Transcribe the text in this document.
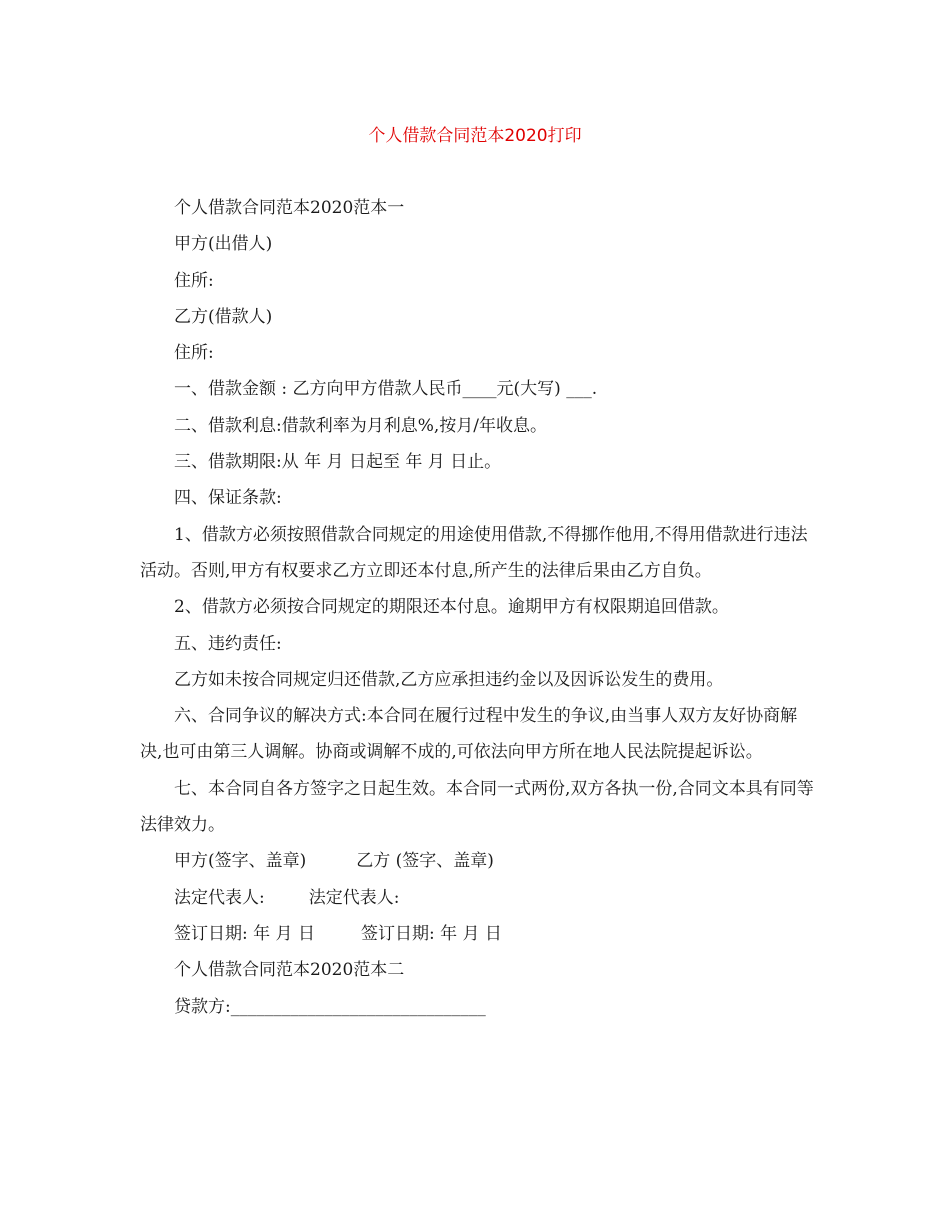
个人借款合同范本2020打印

个人借款合同范本2020范本一

甲方(出借人)

住所:

乙方(借款人)

住所:

一、借款金额 : 乙方向甲方借款人民币____元(大写) ___.

二、借款利息:借款利率为月利息%,按月/年收息。

三、借款期限:从 年 月 日起至 年 月 日止。

四、保证条款:

1、借款方必须按照借款合同规定的用途使用借款,不得挪作他用,不得用借款进行违法活动。否则,甲方有权要求乙方立即还本付息,所产生的法律后果由乙方自负。

2、借款方必须按合同规定的期限还本付息。逾期甲方有权限期追回借款。

五、违约责任:

乙方如未按合同规定归还借款,乙方应承担违约金以及因诉讼发生的费用。

六、合同争议的解决方式:本合同在履行过程中发生的争议,由当事人双方友好协商解决,也可由第三人调解。协商或调解不成的,可依法向甲方所在地人民法院提起诉讼。

七、本合同自各方签字之日起生效。本合同一式两份,双方各执一份,合同文本具有同等法律效力。

甲方(签字、盖章)	乙方 (签字、盖章)

法定代表人:	法定代表人:

签订日期: 年 月 日	签订日期: 年 月 日

个人借款合同范本2020范本二

贷款方:______________________________
